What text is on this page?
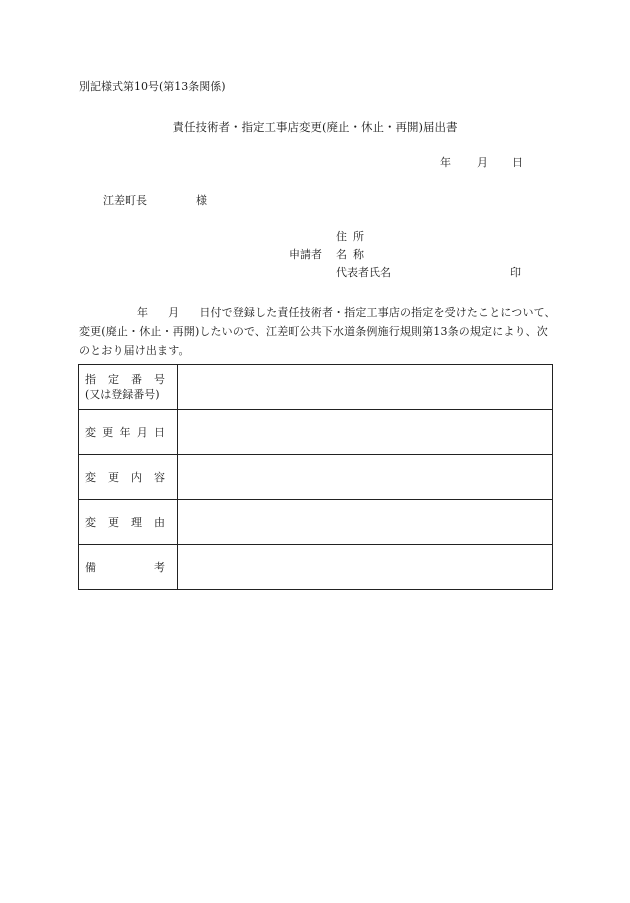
別記様式第10号(第13条関係)
責任技術者・指定工事店変更(廃止・休止・再開)届出書
年 月 日
江差町長	様
住所
申請者 名称
代表者氏名	印
年 月 日付で登録した責任技術者・指定工事店の指定を受けたことについて、変更(廃止・休止・再開)したいので、江差町公共下水道条例施行規則第13条の規定により、次のとおり届け出ます。
指 定 番 号
(又は登録番号)	

変 更 年 月 日	

変 更 内 容	

変 更 理 由	

備 考	
